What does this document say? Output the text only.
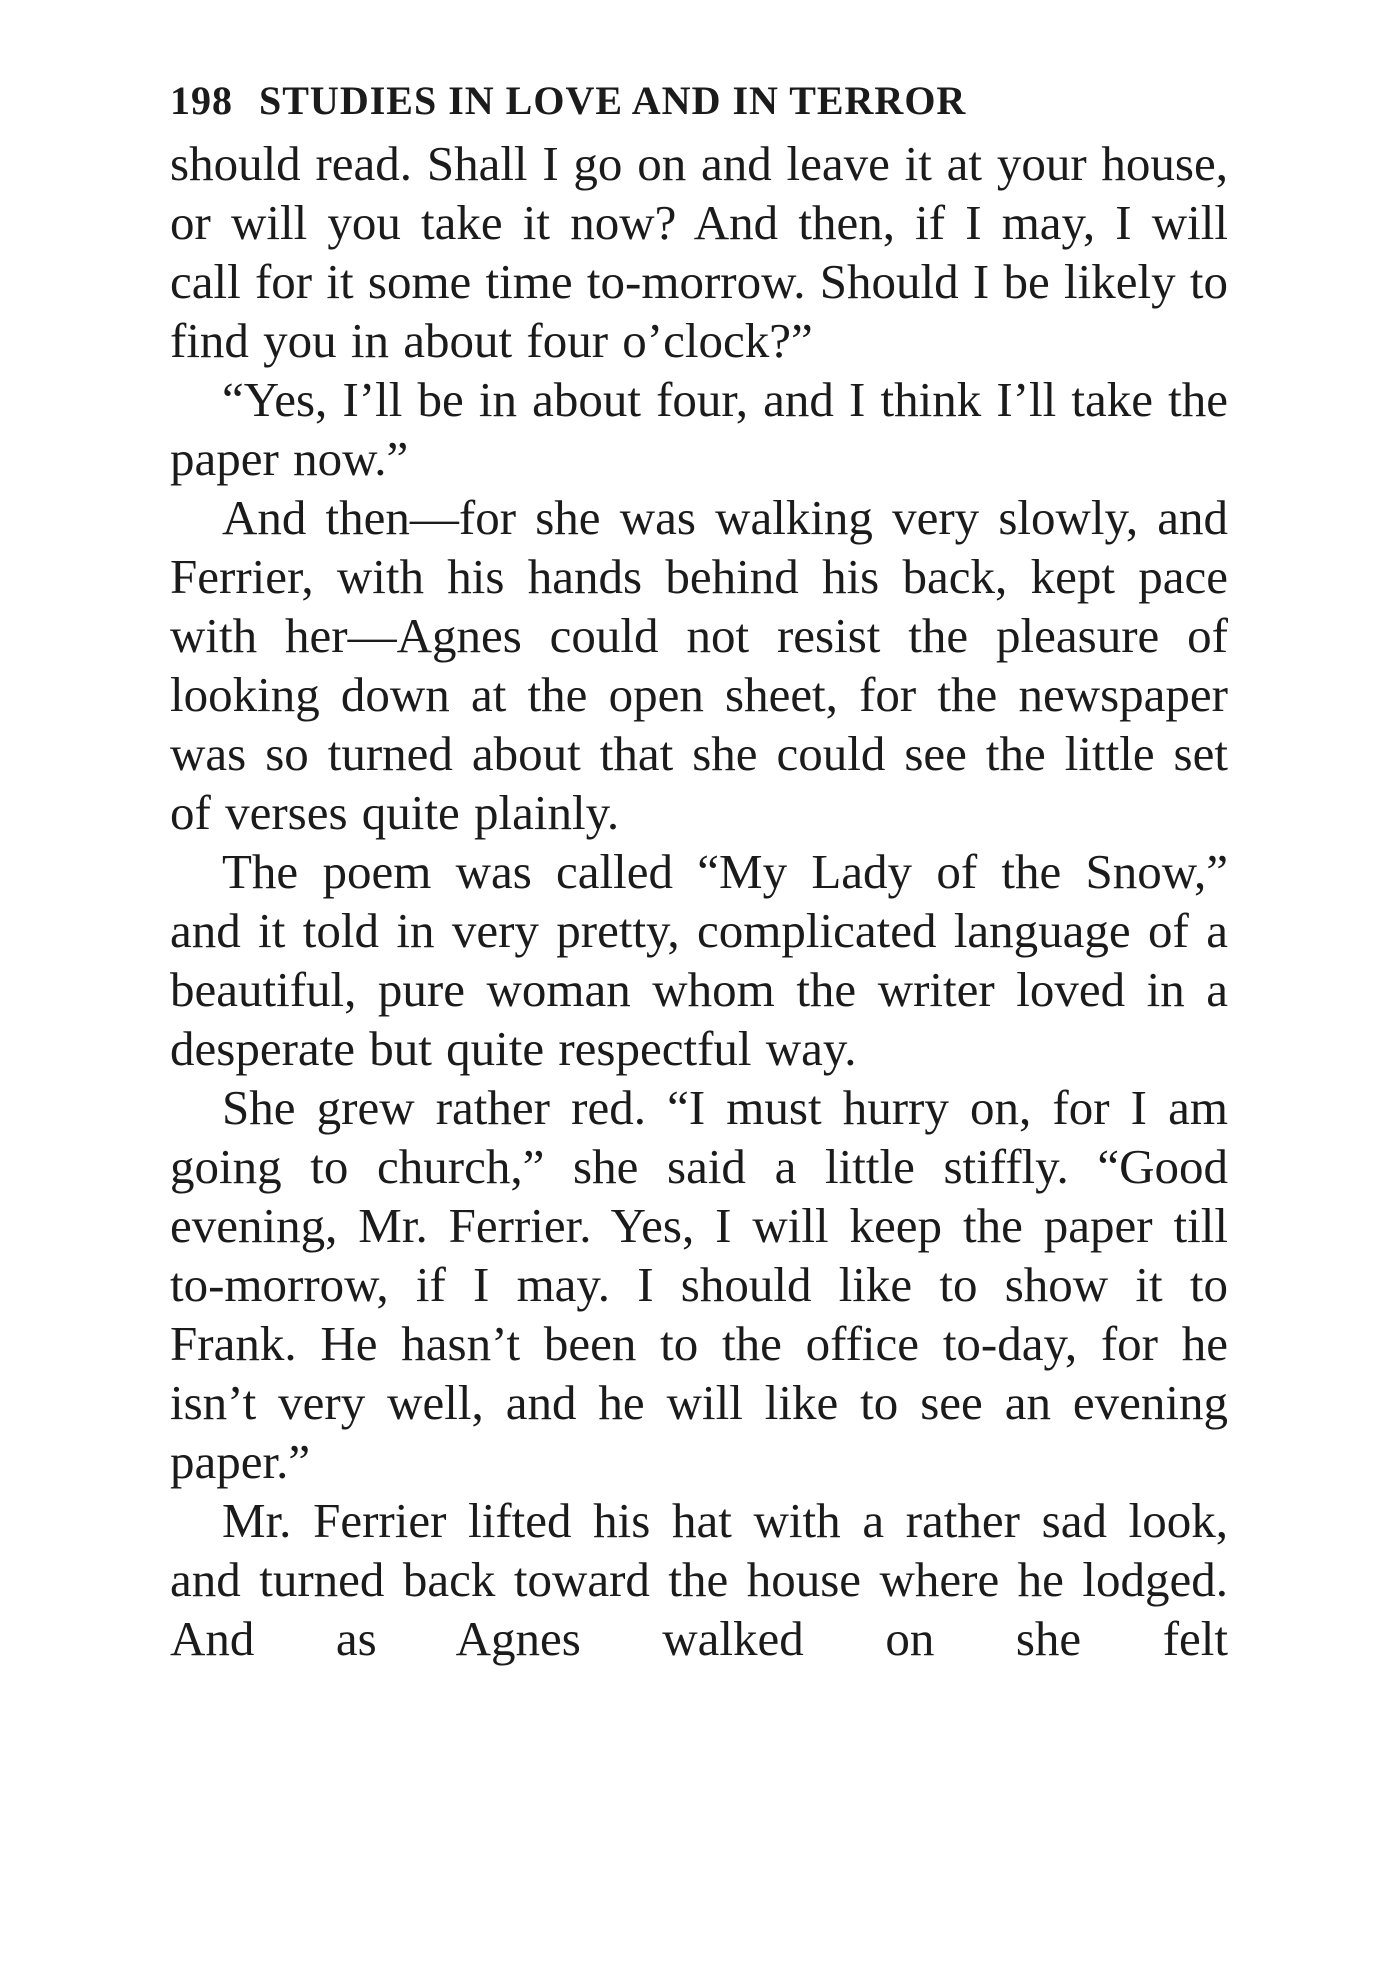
198 STUDIES IN LOVE AND IN TERROR

should read. Shall I go on and leave it at your house, or will you take it now? And then, if I may, I will call for it some time to-morrow. Should I be likely to find you in about four o’clock?”

“Yes, I’ll be in about four, and I think I’ll take the paper now.”

And then—for she was walking very slowly, and Ferrier, with his hands behind his back, kept pace with her—Agnes could not resist the pleasure of looking down at the open sheet, for the newspaper was so turned about that she could see the little set of verses quite plainly.

The poem was called “My Lady of the Snow,” and it told in very pretty, complicated language of a beautiful, pure woman whom the writer loved in a desperate but quite respectful way.

She grew rather red. “I must hurry on, for I am going to church,” she said a little stiffly. “Good evening, Mr. Ferrier. Yes, I will keep the paper till to-morrow, if I may. I should like to show it to Frank. He hasn’t been to the office to-day, for he isn’t very well, and he will like to see an evening paper.”

Mr. Ferrier lifted his hat with a rather sad look, and turned back toward the house where he lodged. And as Agnes walked on she felt
